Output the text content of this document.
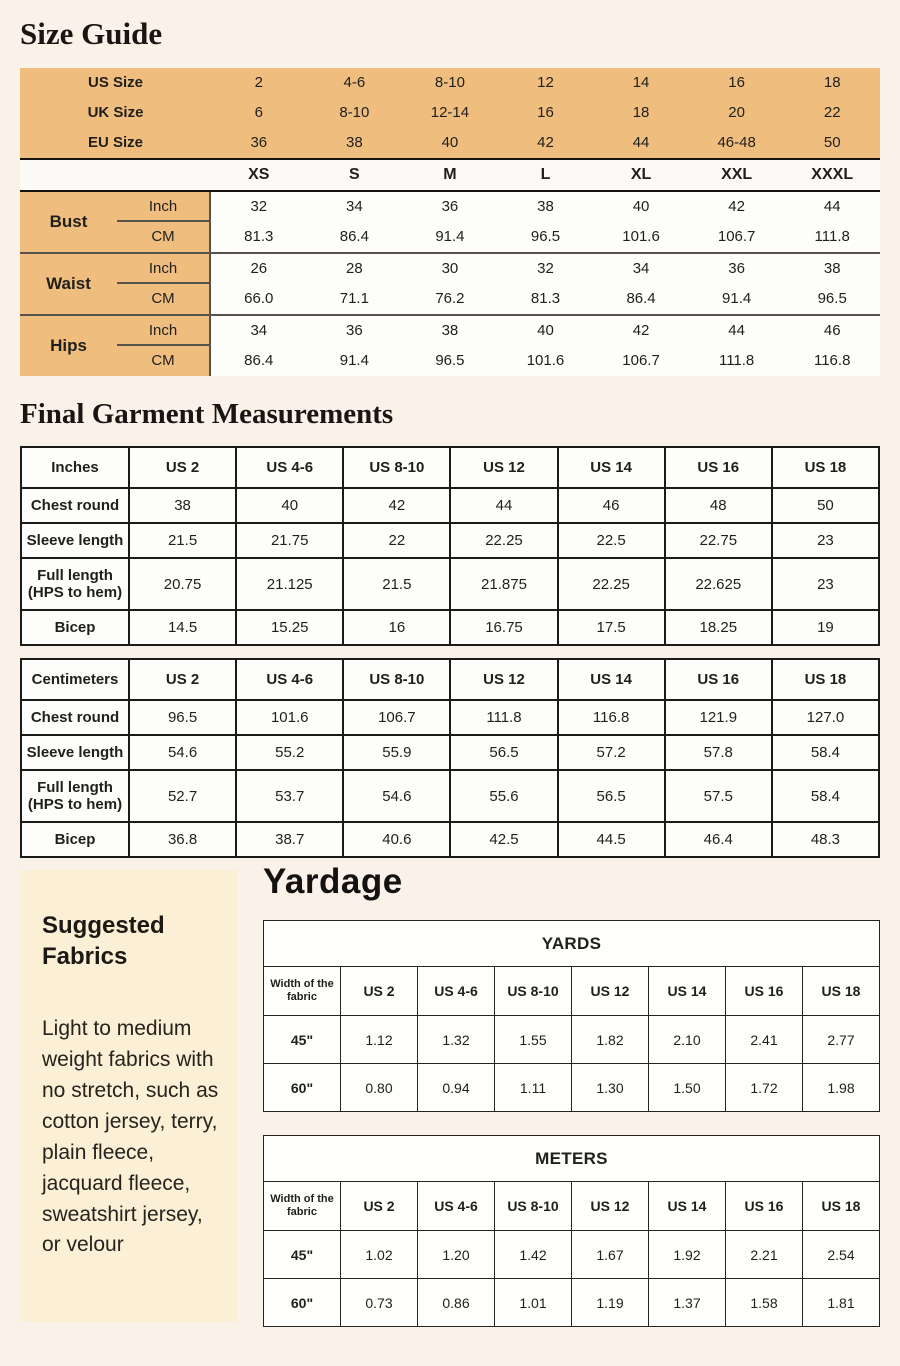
Size Guide
US Size	2	4-6	8-10	12	14	16	18
UK Size	6	8-10	12-14	16	18	20	22
EU Size	36	38	40	42	44	46-48	50
XS	S	M	L	XL	XXL	XXXL
Bust
Inch	32	34	36	38	40	42	44
CM	81.3	86.4	91.4	96.5	101.6	106.7	111.8
Waist
Inch	26	28	30	32	34	36	38
CM	66.0	71.1	76.2	81.3	86.4	91.4	96.5
Hips
Inch	34	36	38	40	42	44	46
CM	86.4	91.4	96.5	101.6	106.7	111.8	116.8
Final Garment Measurements
Inches	US 2	US 4-6	US 8-10	US 12	US 14	US 16	US 18
Chest round	38	40	42	44	46	48	50
Sleeve length	21.5	21.75	22	22.25	22.5	22.75	23
Full length (HPS to hem)	20.75	21.125	21.5	21.875	22.25	22.625	23
Bicep	14.5	15.25	16	16.75	17.5	18.25	19
Centimeters	US 2	US 4-6	US 8-10	US 12	US 14	US 16	US 18
Chest round	96.5	101.6	106.7	111.8	116.8	121.9	127.0
Sleeve length	54.6	55.2	55.9	56.5	57.2	57.8	58.4
Full length (HPS to hem)	52.7	53.7	54.6	55.6	56.5	57.5	58.4
Bicep	36.8	38.7	40.6	42.5	44.5	46.4	48.3
Suggested Fabrics
Light to medium weight fabrics with no stretch, such as cotton jersey, terry, plain fleece, jacquard fleece, sweatshirt jersey, or velour
Yardage
YARDS							
Width of the fabric	US 2	US 4-6	US 8-10	US 12	US 14	US 16	US 18
45"	1.12	1.32	1.55	1.82	2.10	2.41	2.77
60"	0.80	0.94	1.11	1.30	1.50	1.72	1.98
METERS							
Width of the fabric	US 2	US 4-6	US 8-10	US 12	US 14	US 16	US 18
45"	1.02	1.20	1.42	1.67	1.92	2.21	2.54
60"	0.73	0.86	1.01	1.19	1.37	1.58	1.81
